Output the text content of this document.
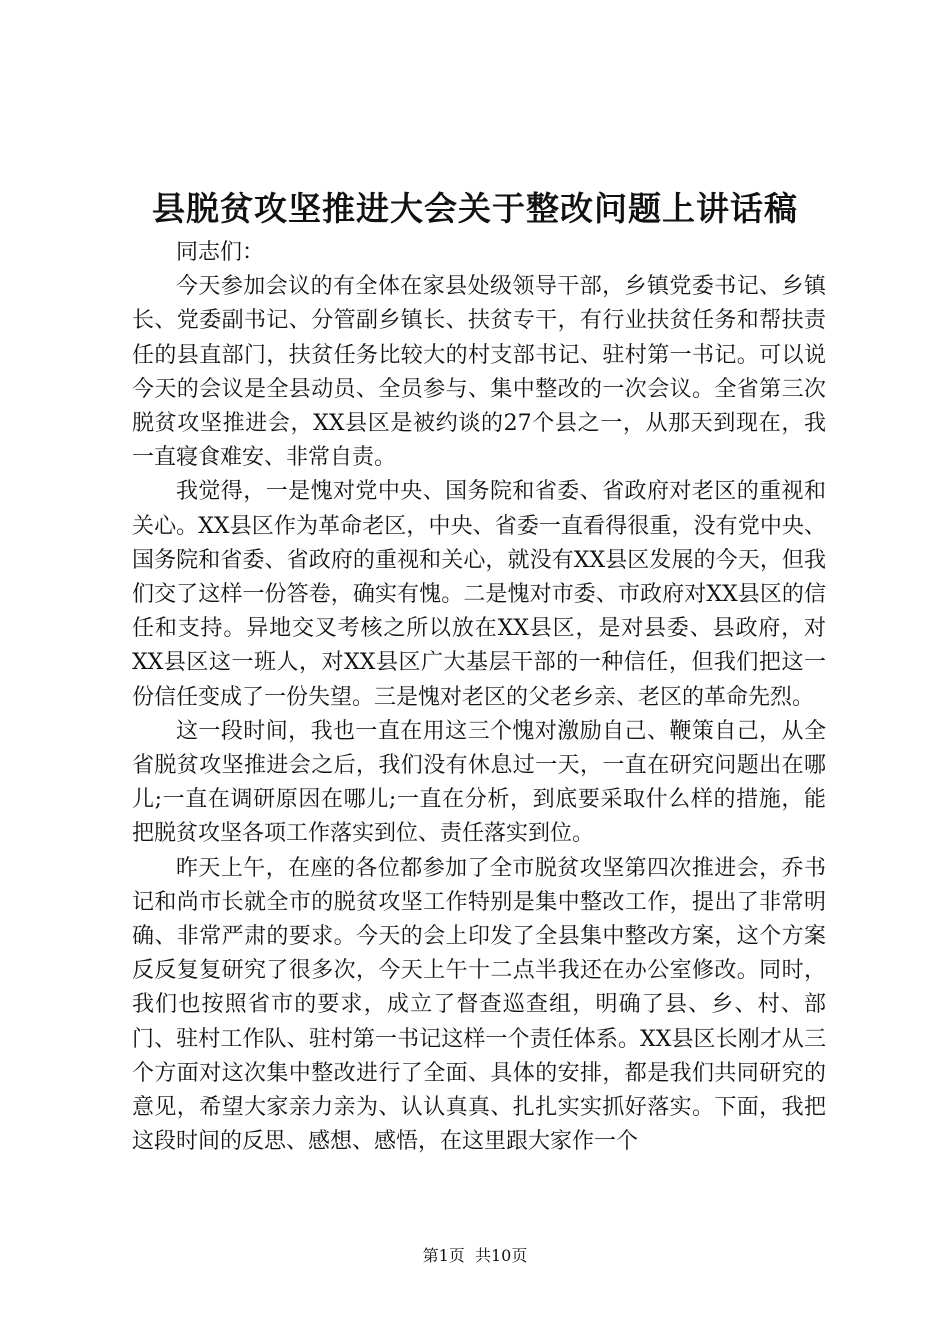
县脱贫攻坚推进大会关于整改问题上讲话稿

同志们：

今天参加会议的有全体在家县处级领导干部，乡镇党委书记、乡镇长、党委副书记、分管副乡镇长、扶贫专干，有行业扶贫任务和帮扶责任的县直部门，扶贫任务比较大的村支部书记、驻村第一书记。可以说今天的会议是全县动员、全员参与、集中整改的一次会议。全省第三次脱贫攻坚推进会，XX县区是被约谈的27个县之一，从那天到现在，我一直寝食难安、非常自责。

我觉得，一是愧对党中央、国务院和省委、省政府对老区的重视和关心。XX县区作为革命老区，中央、省委一直看得很重，没有党中央、国务院和省委、省政府的重视和关心，就没有XX县区发展的今天，但我们交了这样一份答卷，确实有愧。二是愧对市委、市政府对XX县区的信任和支持。异地交叉考核之所以放在XX县区，是对县委、县政府，对XX县区这一班人，对XX县区广大基层干部的一种信任，但我们把这一份信任变成了一份失望。三是愧对老区的父老乡亲、老区的革命先烈。

这一段时间，我也一直在用这三个愧对激励自己、鞭策自己，从全省脱贫攻坚推进会之后，我们没有休息过一天，一直在研究问题出在哪儿;一直在调研原因在哪儿;一直在分析，到底要采取什么样的措施，能把脱贫攻坚各项工作落实到位、责任落实到位。

昨天上午，在座的各位都参加了全市脱贫攻坚第四次推进会，乔书记和尚市长就全市的脱贫攻坚工作特别是集中整改工作，提出了非常明确、非常严肃的要求。今天的会上印发了全县集中整改方案，这个方案反反复复研究了很多次，今天上午十二点半我还在办公室修改。同时，我们也按照省市的要求，成立了督查巡查组，明确了县、乡、村、部门、驻村工作队、驻村第一书记这样一个责任体系。XX县区长刚才从三个方面对这次集中整改进行了全面、具体的安排，都是我们共同研究的意见，希望大家亲力亲为、认认真真、扎扎实实抓好落实。下面，我把这段时间的反思、感想、感悟，在这里跟大家作一个

第1页 共10页
